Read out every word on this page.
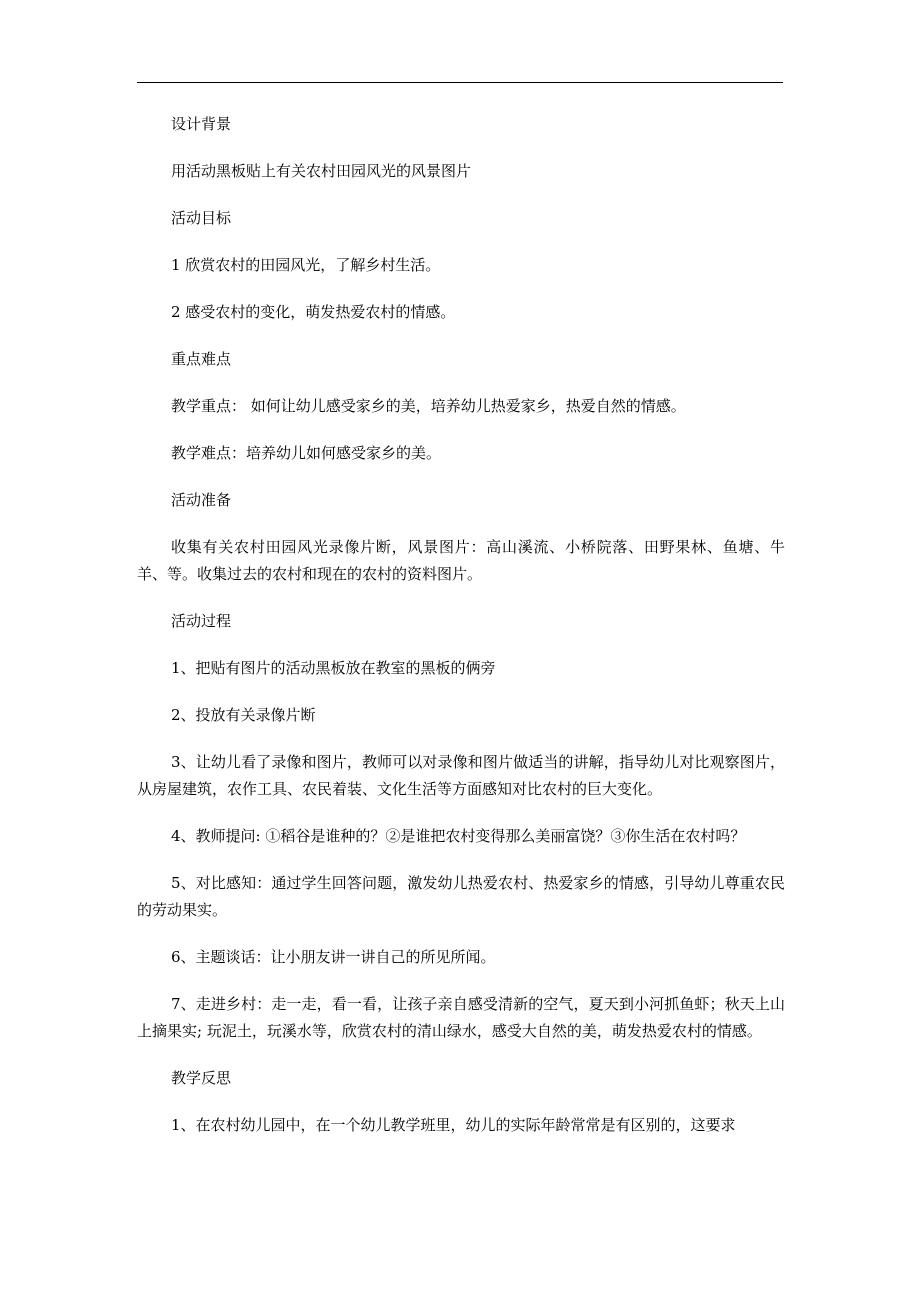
设计背景

用活动黑板贴上有关农村田园风光的风景图片

活动目标

1 欣赏农村的田园风光，了解乡村生活。

2 感受农村的变化，萌发热爱农村的情感。

重点难点

教学重点： 如何让幼儿感受家乡的美，培养幼儿热爱家乡，热爱自然的情感。

教学难点：培养幼儿如何感受家乡的美。

活动准备

收集有关农村田园风光录像片断，风景图片：高山溪流、小桥院落、田野果林、鱼塘、牛羊、等。收集过去的农村和现在的农村的资料图片。

活动过程

1、把贴有图片的活动黑板放在教室的黑板的俩旁

2、投放有关录像片断

3、让幼儿看了录像和图片，教师可以对录像和图片做适当的讲解，指导幼儿对比观察图片，从房屋建筑，农作工具、农民着装、文化生活等方面感知对比农村的巨大变化。

4、教师提问: ①稻谷是谁种的？②是谁把农村变得那么美丽富饶？③你生活在农村吗？

5、对比感知：通过学生回答问题，激发幼儿热爱农村、热爱家乡的情感，引导幼儿尊重农民的劳动果实。

6、主题谈话：让小朋友讲一讲自己的所见所闻。

7、走进乡村：走一走，看一看，让孩子亲自感受清新的空气，夏天到小河抓鱼虾；秋天上山上摘果实; 玩泥土，玩溪水等，欣赏农村的清山绿水，感受大自然的美，萌发热爱农村的情感。

教学反思

1、在农村幼儿园中，在一个幼儿教学班里，幼儿的实际年龄常常是有区别的，这要求
